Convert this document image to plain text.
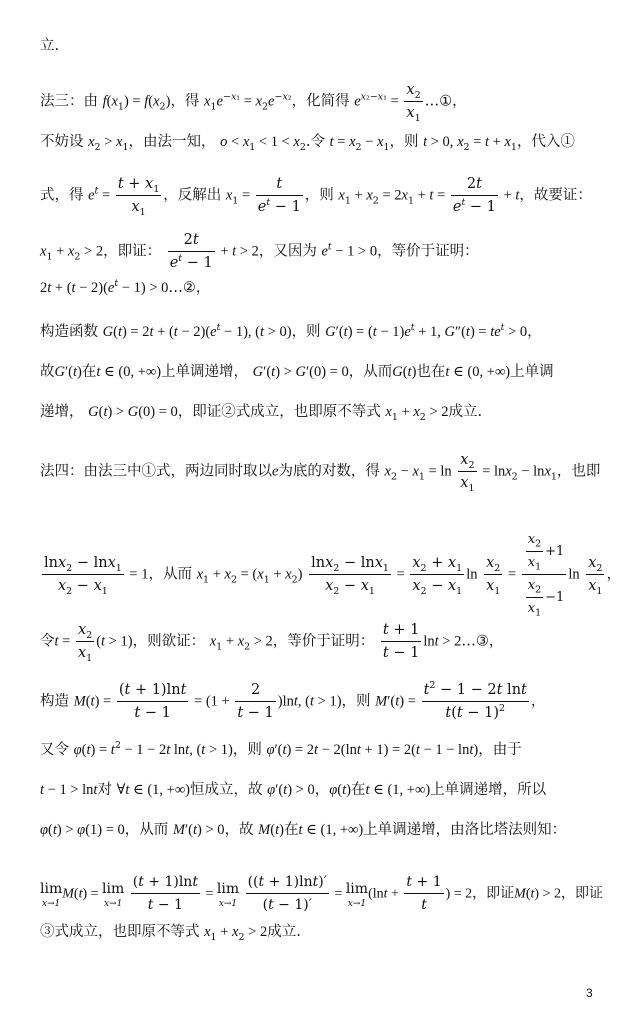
立.
法三：由 $f(x_1) = f(x_2)$，得 $x_1e^{-x_1} = x_2e^{-x_2}$，化简得 $e^{x_2-x_1} = \frac{x_2}{x_1}$ …①，
不妨设 $x_2 > x_1$，由法一知， $o < x_1 < 1 < x_2$.令 $t = x_2 - x_1$，则 t > 0, $x_2 = t + x_1$，代入①
式，得 $e^t = \frac{t + x_1}{x_1}$ ，反解出 $x_1 = \frac{t}{e^t - 1}$ ，则 $x_1 + x_2 = 2x_1 + t = \frac{2t}{e^t - 1} + t$，故要证：
$x_1 + x_2 > 2$，即证： $\frac{2t}{e^t - 1} + t > 2$，又因为 $e^t - 1 > 0$，等价于证明：
$2t + (t - 2)(e^t - 1)$ > 0…②，
构造函数 $G(t) = 2t + (t - 2)(e^t - 1)$, (t > 0)，则 $G'(t) = (t - 1)e^t + 1$, $G''(t) = te^t > 0$，
故G′(t)在t ∈ (0, +∞)上单调递增， G′(t) > G′(0) = 0，从而G(t)也在t ∈ (0, +∞)上单调
递增， G(t) > G(0) = 0，即证②式成立，也即原不等式 $x_1 + x_2 > 2$成立.
法四：由法三中①式，两边同时取以e为底的对数，得 $x_2 - x_1 = \ln \frac{x_2}{x_1} = \ln x_2 - \ln x_1$，也即
$\frac{\ln x_2 - \ln x_1}{x_2 - x_1} = 1$，从而 $x_1 + x_2 = (x_1 + x_2) \frac{\ln x_2 - \ln x_1}{x_2 - x_1} = \frac{x_2 + x_1}{x_2 - x_1}$ $\ln \frac{x_2}{x_1} = \frac{\frac{x_2}{x_1} +1}{\frac{x_2}{x_1} -1}$ $\ln \frac{x_2}{x_1}$ ，
令$t = \frac{x_2}{x_1} (t > 1)$，则欲证： $x_1 + x_2 > 2$，等价于证明： $\frac{t + 1}{t - 1}$ lnt > 2…③，
构造 $M(t) = \frac{(t + 1)\ln t}{t - 1} = (1 + \frac{2}{t - 1} )\ln t$, (t > 1)，则 $M'(t) = \frac{t^2 - 1 - 2t \ln t}{t(t - 1)^2}$ ，
又令 $\varphi(t) = t^2 - 1 - 2t$ lnt, (t > 1)，则 φ′(t) = 2t − 2(lnt + 1) = 2(t − 1 − lnt)，由于
t − 1 > lnt对 ∀t ∈ (1, +∞)恒成立，故 φ′(t) > 0，φ(t)在t ∈ (1, +∞)上单调递增，所以
φ(t) > φ(1) = 0，从而 M′(t) > 0，故 M(t)在t ∈ (1, +∞)上单调递增，由洛比塔法则知：
lim
x→1
M(t) = lim
x→1
$\frac{(t + 1)\ln t}{t - 1} = \lim$
x→1
$\frac{((t + 1)\ln t)'}{(t - 1)'} = \lim$
x→1
($\ln t + \frac{t + 1}{t}$ ) = 2，即证M(t) > 2，即证
③式成立，也即原不等式 $x_1 + x_2 > 2$成立.
3
